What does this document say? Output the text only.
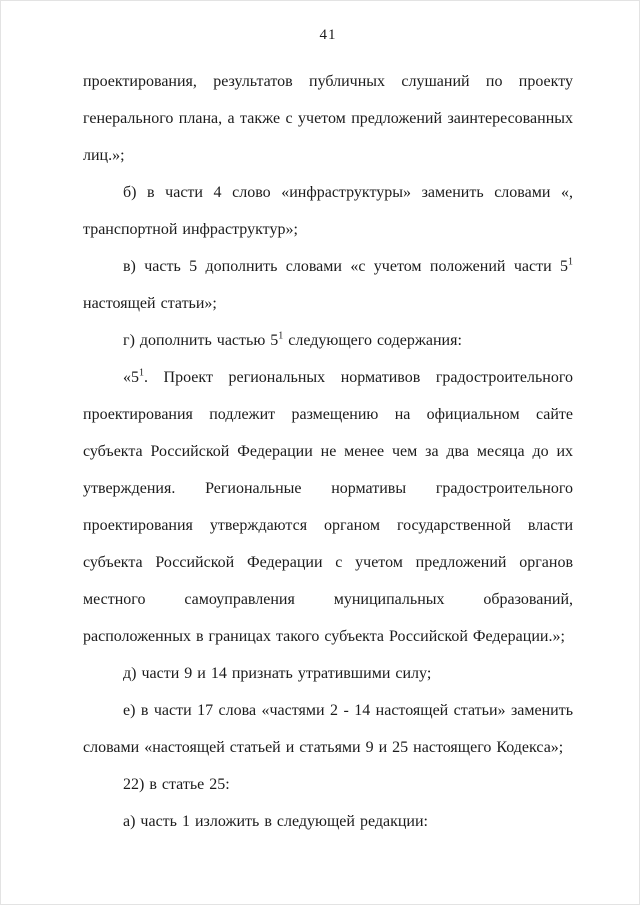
41

проектирования, результатов публичных слушаний по проекту генерального плана, а также с учетом предложений заинтересованных лиц.»;

б) в части 4 слово «инфраструктуры» заменить словами «, транспортной инфраструктур»;

в) часть 5 дополнить словами «с учетом положений части $5^1$ настоящей статьи»;

г) дополнить частью $5^1$ следующего содержания:

«$5^1$. Проект региональных нормативов градостроительного проектирования подлежит размещению на официальном сайте субъекта Российской Федерации не менее чем за два месяца до их утверждения. Региональные нормативы градостроительного проектирования утверждаются органом государственной власти субъекта Российской Федерации с учетом предложений органов местного самоуправления муниципальных образований, расположенных в границах такого субъекта Российской Федерации.»;

д) части 9 и 14 признать утратившими силу;

е) в части 17 слова «частями 2 - 14 настоящей статьи» заменить словами «настоящей статьей и статьями 9 и 25 настоящего Кодекса»;

22) в статье 25:

а) часть 1 изложить в следующей редакции:
